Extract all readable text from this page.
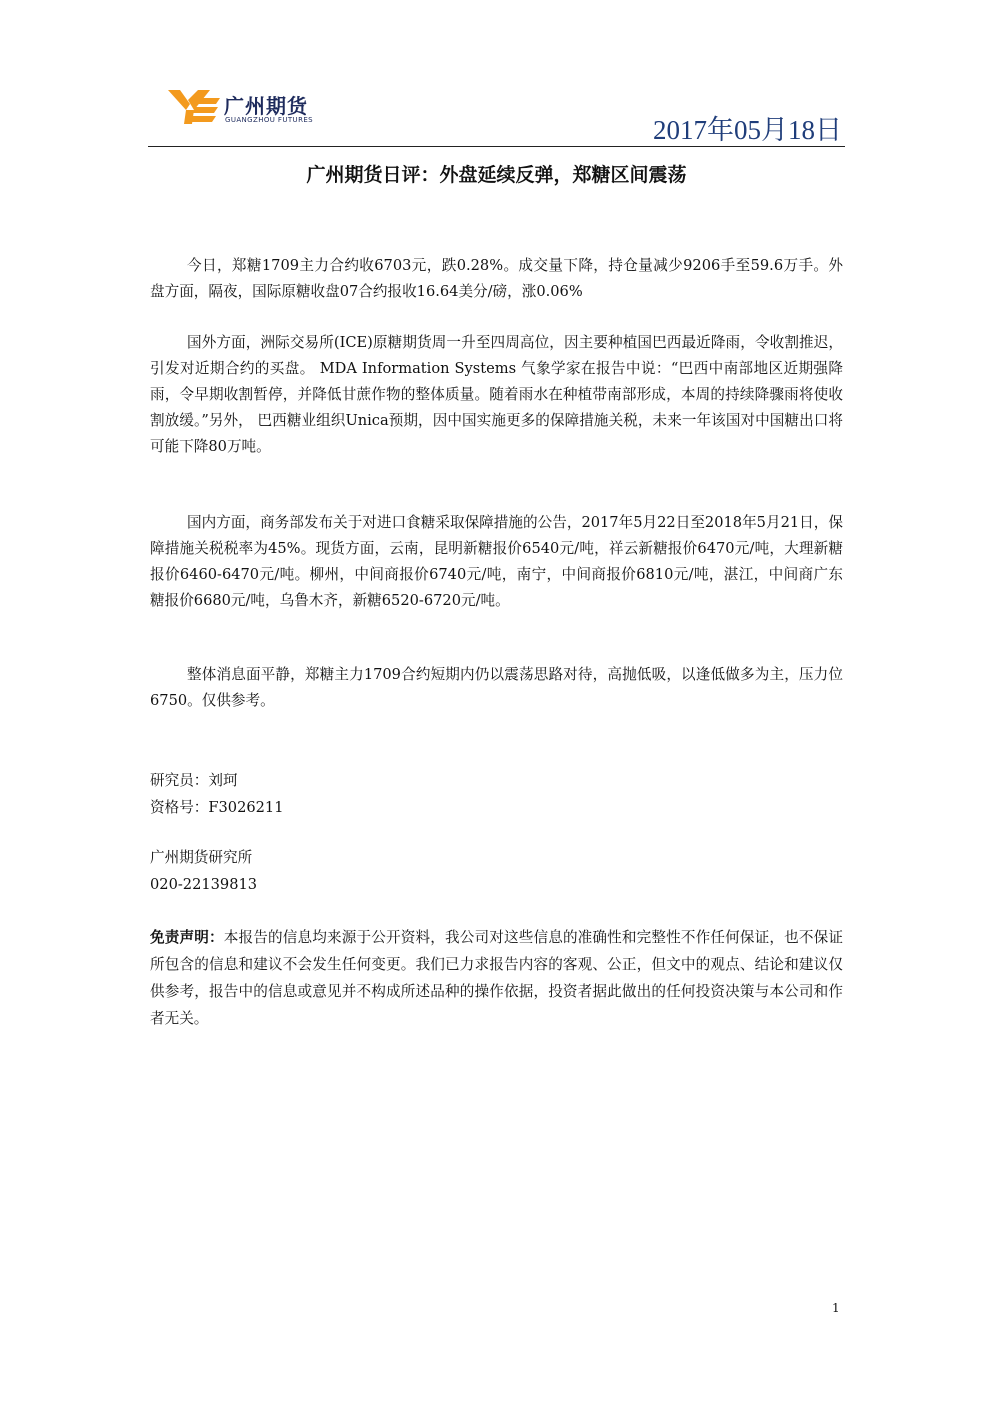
广州期货
GUANGZHOU FUTURES	2017年05月18日
广州期货日评：外盘延续反弹，郑糖区间震荡

今日，郑糖1709主力合约收6703元，跌0.28%。成交量下降，持仓量减少9206手至59.6万手。外盘方面，隔夜，国际原糖收盘07合约报收16.64美分/磅，涨0.06%

国外方面，洲际交易所(ICE)原糖期货周一升至四周高位，因主要种植国巴西最近降雨，令收割推迟，引发对近期合约的买盘。 MDA Information Systems 气象学家在报告中说：“巴西中南部地区近期强降雨，令早期收割暂停，并降低甘蔗作物的整体质量。随着雨水在种植带南部形成，本周的持续降骤雨将使收割放缓。”另外， 巴西糖业组织Unica预期，因中国实施更多的保障措施关税，未来一年该国对中国糖出口将可能下降80万吨。

国内方面，商务部发布关于对进口食糖采取保障措施的公告，2017年5月22日至2018年5月21日，保障措施关税税率为45%。现货方面，云南，昆明新糖报价6540元/吨，祥云新糖报价6470元/吨，大理新糖报价6460-6470元/吨。柳州，中间商报价6740元/吨，南宁，中间商报价6810元/吨，湛江，中间商广东糖报价6680元/吨，乌鲁木齐，新糖6520-6720元/吨。

整体消息面平静，郑糖主力1709合约短期内仍以震荡思路对待，高抛低吸，以逢低做多为主，压力位6750。仅供参考。

研究员：刘珂
资格号：F3026211
广州期货研究所
020-22139813

免责声明：本报告的信息均来源于公开资料，我公司对这些信息的准确性和完整性不作任何保证，也不保证所包含的信息和建议不会发生任何变更。我们已力求报告内容的客观、公正，但文中的观点、结论和建议仅供参考，报告中的信息或意见并不构成所述品种的操作依据，投资者据此做出的任何投资决策与本公司和作者无关。

1
